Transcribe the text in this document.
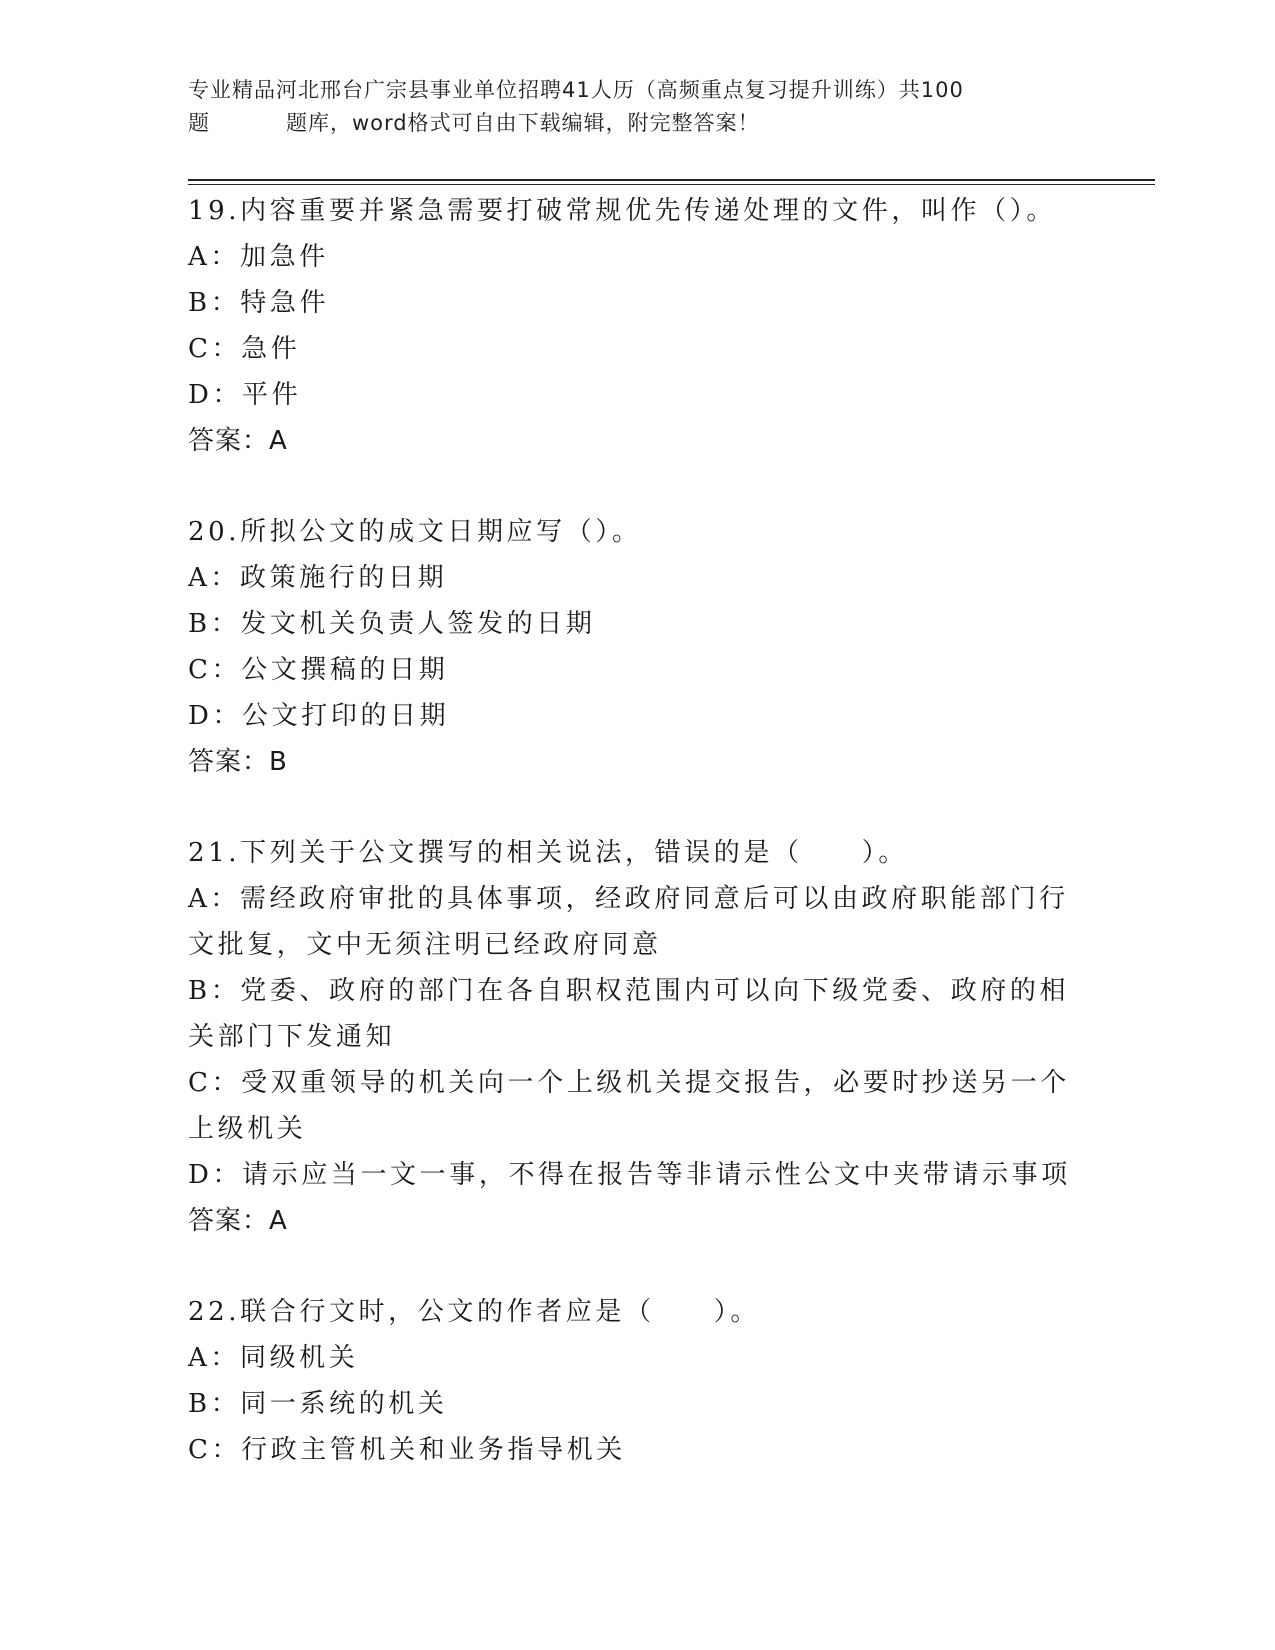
专业精品河北邢台广宗县事业单位招聘41人历（高频重点复习提升训练）共100
题	题库，word格式可自由下载编辑，附完整答案！
19.内容重要并紧急需要打破常规优先传递处理的文件，叫作（）。
A：加急件
B：特急件
C：急件
D：平件
答案：A
20.所拟公文的成文日期应写（）。
A：政策施行的日期
B：发文机关负责人签发的日期
C：公文撰稿的日期
D：公文打印的日期
答案：B
21.下列关于公文撰写的相关说法，错误的是（　　）。
A：需经政府审批的具体事项，经政府同意后可以由政府职能部门行文批复，文中无须注明已经政府同意
B：党委、政府的部门在各自职权范围内可以向下级党委、政府的相关部门下发通知
C：受双重领导的机关向一个上级机关提交报告，必要时抄送另一个上级机关
D：请示应当一文一事，不得在报告等非请示性公文中夹带请示事项
答案：A
22.联合行文时，公文的作者应是（　　）。
A：同级机关
B：同一系统的机关
C：行政主管机关和业务指导机关
